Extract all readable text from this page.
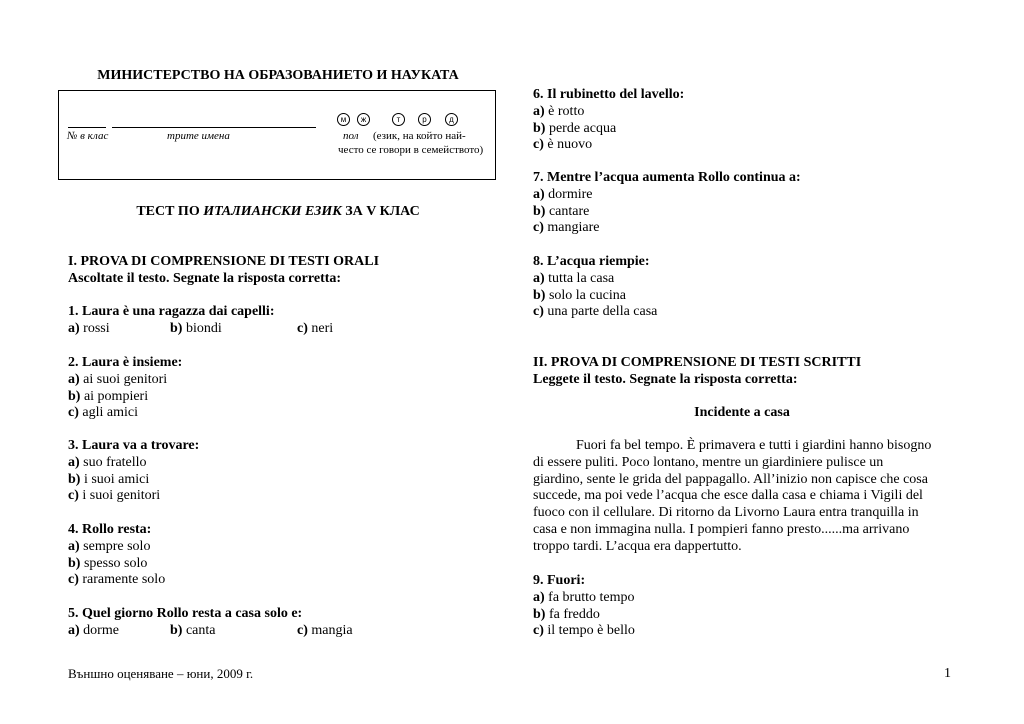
МИНИСТЕРСТВО НА ОБРАЗОВАНИЕТО И НАУКАТА
м	ж	т	р	д
№ в клас	трите имена	пол (език, на който най-
често се говори в семейството)
ТЕСТ ПО ИТАЛИАНСКИ ЕЗИК ЗА V КЛАС
I. PROVA DI COMPRENSIONE DI TESTI ORALI
Ascoltate il testo. Segnate la risposta corretta:
1. Laura è una ragazza dai capelli:
a) rossi	b) biondi	c) neri
2. Laura è insieme:
a) ai suoi genitori
b) ai pompieri
c) agli amici
3. Laura va a trovare:
a) suo fratello
b) i suoi amici
c) i suoi genitori
4. Rollo resta:
a) sempre solo
b) spesso solo
c) raramente solo
5. Quel giorno Rollo resta a casa solo e:
a) dorme	b) canta	c) mangia
6. Il rubinetto del lavello:
a) è rotto
b) perde acqua
c) è nuovo
7. Mentre l’acqua aumenta Rollo continua a:
a) dormire
b) cantare
c) mangiare
8. L’acqua riempie:
a) tutta la casa
b) solo la cucina
c) una parte della casa
II. PROVA DI COMPRENSIONE DI TESTI SCRITTI
Leggete il testo. Segnate la risposta corretta:
Incidente a casa
Fuori fa bel tempo. È primavera e tutti i giardini hanno bisogno
di essere puliti. Poco lontano, mentre un giardiniere pulisce un
giardino, sente le grida del pappagallo. All’inizio non capisce che cosa
succede, ma poi vede l’acqua che esce dalla casa e chiama i Vigili del
fuoco con il cellulare. Di ritorno da Livorno Laura entra tranquilla in
casa e non immagina nulla. I pompieri fanno presto......ma arrivano
troppo tardi. L’acqua era dappertutto.
9. Fuori:
a) fa brutto tempo
b) fa freddo
c) il tempo è bello
Външно оценяване – юни, 2009 г.	1
